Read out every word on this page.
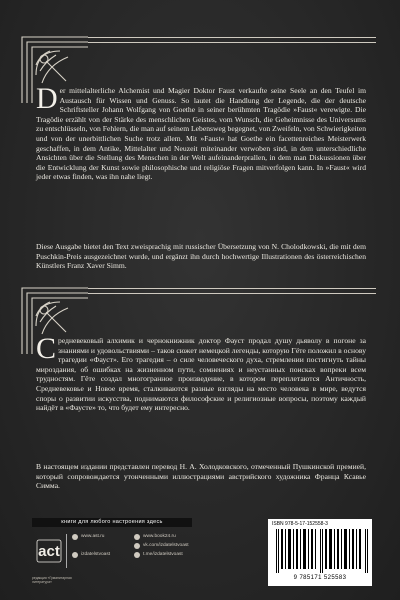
Der mittelalterliche Alchemist und Magier Doktor Faust verkaufte seine Seele an den Teufel im Austausch für Wissen und Genuss. So lautet die Handlung der Legende, die der deutsche Schriftsteller Johann Wolfgang von Goethe in seiner berühmten Tragödie »Faust« verewigte. Die Tragödie erzählt von der Stärke des menschlichen Geistes, vom Wunsch, die Geheimnisse des Universums zu entschlüsseln, von Fehlern, die man auf seinem Lebensweg begegnet, von Zweifeln, von Schwierigkeiten und von der unerbittlichen Suche trotz allem. Mit »Faust« hat Goethe ein facettenreiches Meisterwerk geschaffen, in dem Antike, Mittelalter und Neuzeit miteinander verwoben sind, in dem unterschiedliche Ansichten über die Stellung des Menschen in der Welt aufeinanderprallen, in dem man Diskussionen über die Entwicklung der Kunst sowie philosophische und religiöse Fragen mitverfolgen kann. In »Faust« wird jeder etwas finden, was ihn nahe liegt.

Diese Ausgabe bietet den Text zweisprachig mit russischer Übersetzung von N. Cholodkowski, die mit dem Puschkin-Preis ausgezeichnet wurde, und ergänzt ihn durch hochwertige Illustrationen des österreichischen Künstlers Franz Xaver Simm.

Средневековый алхимик и чернокнижник доктор Фауст продал душу дьяволу в погоне за знаниями и удовольствиями – таков сюжет немецкой легенды, которую Гёте положил в основу трагедии «Фауст». Его трагедия – о силе человеческого духа, стремлении постигнуть тайны мироздания, об ошибках на жизненном пути, сомнениях и неустанных поисках вопреки всем трудностям. Гёте создал многогранное произведение, в котором переплетаются Античность, Средневековье и Новое время, сталкиваются разные взгляды на место человека в мире, ведутся споры о развитии искусства, поднимаются философские и религиозные вопросы, поэтому каждый найдёт в «Фаусте» то, что будет ему интересно.

В настоящем издании представлен перевод Н. А. Холодковского, отмеченный Пушкинской премией, который сопровождается утонченными иллюстрациями австрийского художника Франца Ксавье Симма.

книги для любого настроения здесь
act
редакция «Гуманитарная литература»
www.ast.ru	www.book24.ru
vk.com/izdatelstvoast
t.me/izdatelstvoast
izdatelstvoast
ISBN 978-5-17-152558-3
9 785171 525583
